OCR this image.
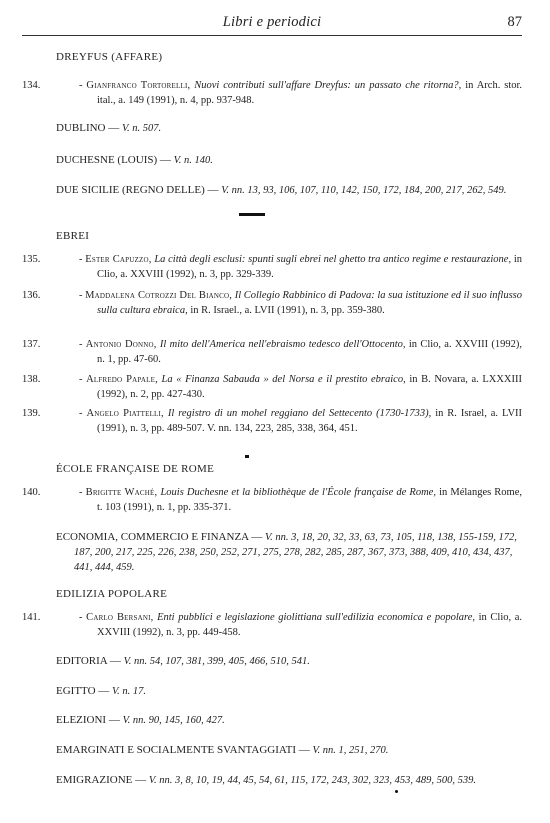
Libri e periodici	87
DREYFUS (AFFARE)
134.	- Gianfranco Tortorelli, Nuovi contributi sull'affare Dreyfus: un passato che ritorna?, in Arch. stor. ital., a. 149 (1991), n. 4, pp. 937-948.
DUBLINO — V. n. 507.
DUCHESNE (LOUIS) — V. n. 140.
DUE SICILIE (REGNO DELLE) — V. nn. 13, 93, 106, 107, 110, 142, 150, 172, 184, 200, 217, 262, 549.
EBREI
135.	- Ester Capuzzo, La città degli esclusi: spunti sugli ebrei nel ghetto tra antico regime e restaurazione, in Clio, a. XXVIII (1992), n. 3, pp. 329-339.
136.	- Maddalena Cotrozzi Del Bianco, Il Collegio Rabbinico di Padova: la sua istituzione ed il suo influsso sulla cultura ebraica, in R. Israel., a. LVII (1991), n. 3, pp. 359-380.
137.	- Antonio Donno, Il mito dell'America nell'ebraismo tedesco dell'Ottocento, in Clio, a. XXVIII (1992), n. 1, pp. 47-60.
138.	- Alfredo Papale, La « Finanza Sabauda » del Norsa e il prestito ebraico, in B. Novara, a. LXXXIII (1992), n. 2, pp. 427-430.
139.	- Angelo Piattelli, Il registro di un mohel reggiano del Settecento (1730-1733), in R. Israel, a. LVII (1991), n. 3, pp. 489-507. V. nn. 134, 223, 285, 338, 364, 451.
ÉCOLE FRANÇAISE DE ROME
140.	- Brigitte Waché, Louis Duchesne et la bibliothèque de l'École française de Rome, in Mélanges Rome, t. 103 (1991), n. 1, pp. 335-371.
ECONOMIA, COMMERCIO E FINANZA — V. nn. 3, 18, 20, 32, 33, 63, 73, 105, 118, 138, 155-159, 172, 187, 200, 217, 225, 226, 238, 250, 252, 271, 275, 278, 282, 285, 287, 367, 373, 388, 409, 410, 434, 437, 441, 444, 459.
EDILIZIA POPOLARE
141.	- Carlo Bersani, Enti pubblici e legislazione giolittiana sull'edilizia economica e popolare, in Clio, a. XXVIII (1992), n. 3, pp. 449-458.
EDITORIA — V. nn. 54, 107, 381, 399, 405, 466, 510, 541.
EGITTO — V. n. 17.
ELEZIONI — V. nn. 90, 145, 160, 427.
EMARGINATI E SOCIALMENTE SVANTAGGIATI — V. nn. 1, 251, 270.
EMIGRAZIONE — V. nn. 3, 8, 10, 19, 44, 45, 54, 61, 115, 172, 243, 302, 323, 453, 489, 500, 539.
